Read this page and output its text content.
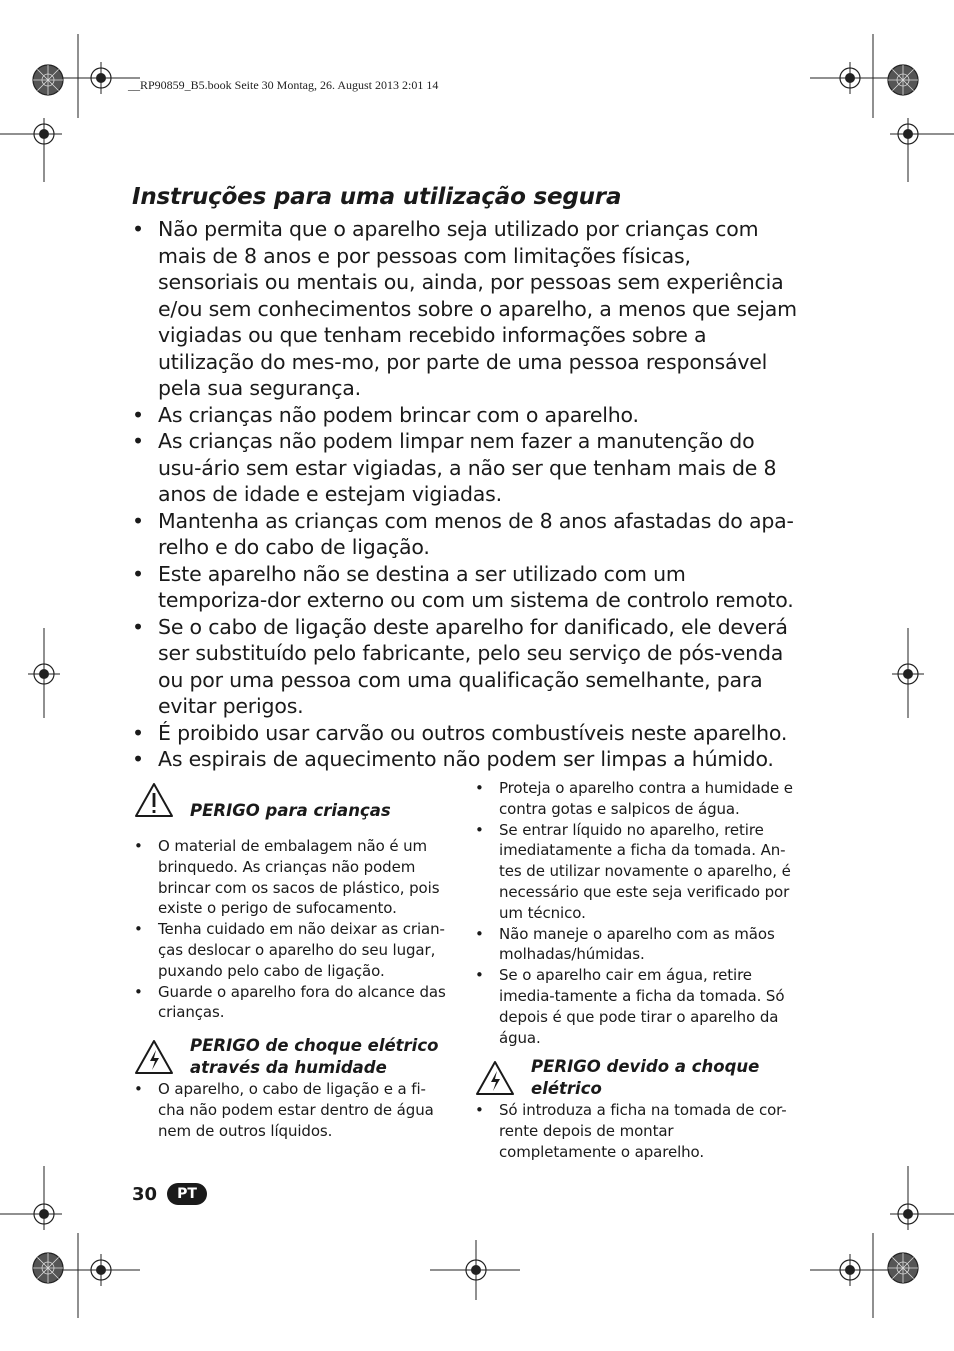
__RP90859_B5.book Seite 30 Montag, 26. August 2013 2:01 14
Instruções para uma utilização segura
• Não permita que o aparelho seja utilizado por crianças com mais de 8 anos e por pessoas com limitações físicas, sensoriais ou mentais ou, ainda, por pessoas sem experiência e/ou sem conhecimentos sobre o aparelho, a menos que sejam vigiadas ou que tenham recebido informações sobre a utilização do mes-mo, por parte de uma pessoa responsável pela sua segurança.
• As crianças não podem brincar com o aparelho.
• As crianças não podem limpar nem fazer a manutenção do usu-ário sem estar vigiadas, a não ser que tenham mais de 8 anos de idade e estejam vigiadas.
• Mantenha as crianças com menos de 8 anos afastadas do apa-relho e do cabo de ligação.
• Este aparelho não se destina a ser utilizado com um temporiza-dor externo ou com um sistema de controlo remoto.
• Se o cabo de ligação deste aparelho for danificado, ele deverá ser substituído pelo fabricante, pelo seu serviço de pós-venda ou por uma pessoa com uma qualificação semelhante, para evitar perigos.
• É proibido usar carvão ou outros combustíveis neste aparelho.
• As espirais de aquecimento não podem ser limpas a húmido.
PERIGO para crianças
• O material de embalagem não é um brinquedo. As crianças não podem brincar com os sacos de plástico, pois existe o perigo de sufocamento.
• Tenha cuidado em não deixar as crian-ças deslocar o aparelho do seu lugar, puxando pelo cabo de ligação.
• Guarde o aparelho fora do alcance das crianças.
PERIGO de choque elétrico através da humidade
• O aparelho, o cabo de ligação e a fi-cha não podem estar dentro de água nem de outros líquidos.
• Proteja o aparelho contra a humidade e contra gotas e salpicos de água.
• Se entrar líquido no aparelho, retire imediatamente a ficha da tomada. An-tes de utilizar novamente o aparelho, é necessário que este seja verificado por um técnico.
• Não maneje o aparelho com as mãos molhadas/húmidas.
• Se o aparelho cair em água, retire imedia-tamente a ficha da tomada. Só depois é que pode tirar o aparelho da água.
PERIGO devido a choque elétrico
• Só introduza a ficha na tomada de cor-rente depois de montar completamente o aparelho.
30	PT
